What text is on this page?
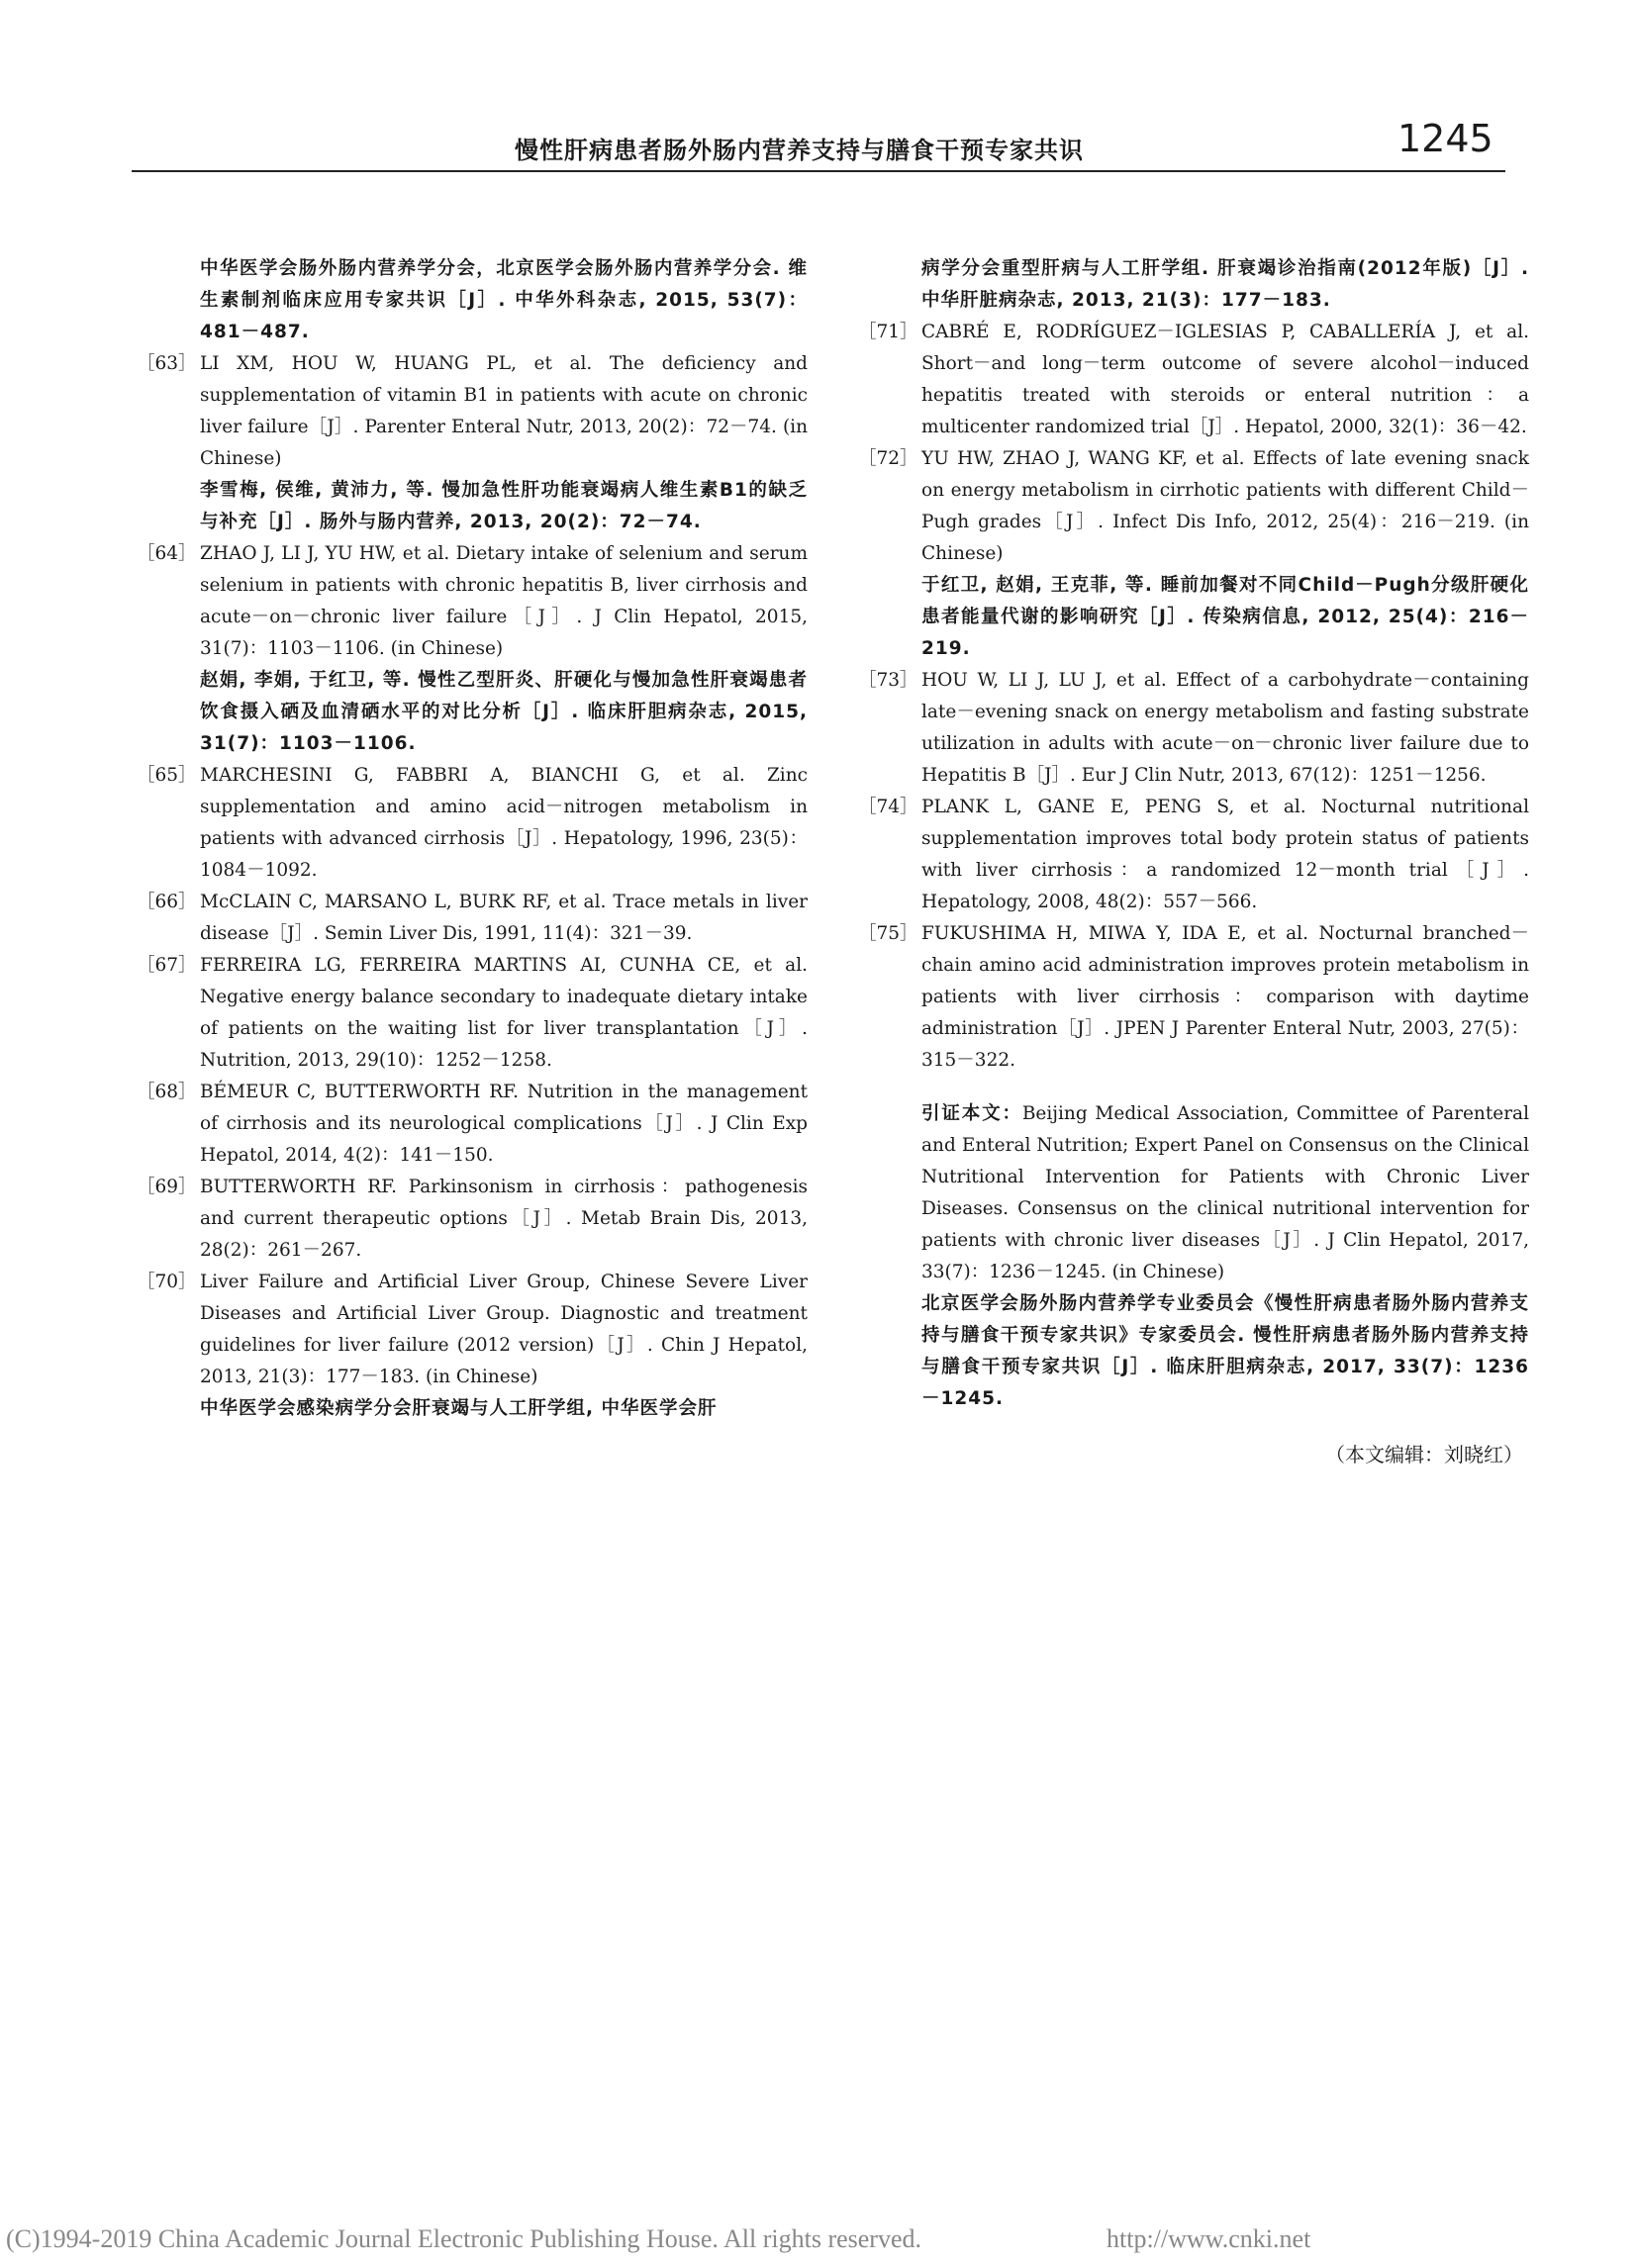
慢性肝病患者肠外肠内营养支持与膳食干预专家共识	1245
中华医学会肠外肠内营养学分会，北京医学会肠外肠内营养学分会. 维生素制剂临床应用专家共识［J］. 中华外科杂志, 2015, 53(7)：481－487.
［63］ LI XM, HOU W, HUANG PL, et al. The deficiency and supplementation of vitamin B1 in patients with acute on chronic liver failure［J］. Parenter Enteral Nutr, 2013, 20(2)：72－74. (in Chinese)
李雪梅, 侯维, 黄沛力, 等. 慢加急性肝功能衰竭病人维生素B1的缺乏与补充［J］. 肠外与肠内营养, 2013, 20(2)：72－74.
［64］ ZHAO J, LI J, YU HW, et al. Dietary intake of selenium and serum selenium in patients with chronic hepatitis B, liver cirrhosis and acute－on－chronic liver failure［J］. J Clin Hepatol, 2015, 31(7)：1103－1106. (in Chinese)
赵娟, 李娟, 于红卫, 等. 慢性乙型肝炎、肝硬化与慢加急性肝衰竭患者饮食摄入硒及血清硒水平的对比分析［J］. 临床肝胆病杂志, 2015, 31(7)：1103－1106.
［65］ MARCHESINI G, FABBRI A, BIANCHI G, et al. Zinc supplementation and amino acid－nitrogen metabolism in patients with advanced cirrhosis［J］. Hepatology, 1996, 23(5)：1084－1092.
［66］ McCLAIN C, MARSANO L, BURK RF, et al. Trace metals in liver disease［J］. Semin Liver Dis, 1991, 11(4)：321－39.
［67］ FERREIRA LG, FERREIRA MARTINS AI, CUNHA CE, et al. Negative energy balance secondary to inadequate dietary intake of patients on the waiting list for liver transplantation［J］. Nutrition, 2013, 29(10)：1252－1258.
［68］ BÉMEUR C, BUTTERWORTH RF. Nutrition in the management of cirrhosis and its neurological complications［J］. J Clin Exp Hepatol, 2014, 4(2)：141－150.
［69］ BUTTERWORTH RF. Parkinsonism in cirrhosis：pathogenesis and current therapeutic options［J］. Metab Brain Dis, 2013, 28(2)：261－267.
［70］ Liver Failure and Artificial Liver Group, Chinese Severe Liver Diseases and Artificial Liver Group. Diagnostic and treatment guidelines for liver failure (2012 version)［J］. Chin J Hepatol, 2013, 21(3)：177－183. (in Chinese)
中华医学会感染病学分会肝衰竭与人工肝学组, 中华医学会肝
病学分会重型肝病与人工肝学组. 肝衰竭诊治指南(2012年版)［J］. 中华肝脏病杂志, 2013, 21(3)：177－183.
［71］ CABRÉ E, RODRÍGUEZ－IGLESIAS P, CABALLERÍA J, et al. Short－and long－term outcome of severe alcohol－induced hepatitis treated with steroids or enteral nutrition：a multicenter randomized trial［J］. Hepatol, 2000, 32(1)：36－42.
［72］ YU HW, ZHAO J, WANG KF, et al. Effects of late evening snack on energy metabolism in cirrhotic patients with different Child－Pugh grades［J］. Infect Dis Info, 2012, 25(4)：216－219. (in Chinese)
于红卫, 赵娟, 王克菲, 等. 睡前加餐对不同Child－Pugh分级肝硬化患者能量代谢的影响研究［J］. 传染病信息, 2012, 25(4)：216－219.
［73］ HOU W, LI J, LU J, et al. Effect of a carbohydrate－containing late－evening snack on energy metabolism and fasting substrate utilization in adults with acute－on－chronic liver failure due to Hepatitis B［J］. Eur J Clin Nutr, 2013, 67(12)：1251－1256.
［74］ PLANK L, GANE E, PENG S, et al. Nocturnal nutritional supplementation improves total body protein status of patients with liver cirrhosis：a randomized 12－month trial［J］. Hepatology, 2008, 48(2)：557－566.
［75］ FUKUSHIMA H, MIWA Y, IDA E, et al. Nocturnal branched－chain amino acid administration improves protein metabolism in patients with liver cirrhosis：comparison with daytime administration［J］. JPEN J Parenter Enteral Nutr, 2003, 27(5)：315－322.
引证本文：Beijing Medical Association, Committee of Parenteral and Enteral Nutrition; Expert Panel on Consensus on the Clinical Nutritional Intervention for Patients with Chronic Liver Diseases. Consensus on the clinical nutritional intervention for patients with chronic liver diseases［J］. J Clin Hepatol, 2017, 33(7)：1236－1245. (in Chinese)
北京医学会肠外肠内营养学专业委员会《慢性肝病患者肠外肠内营养支持与膳食干预专家共识》专家委员会. 慢性肝病患者肠外肠内营养支持与膳食干预专家共识［J］. 临床肝胆病杂志, 2017, 33(7)：1236－1245.
（本文编辑：刘晓红）
(C)1994-2019 China Academic Journal Electronic Publishing House. All rights reserved.	http://www.cnki.net
